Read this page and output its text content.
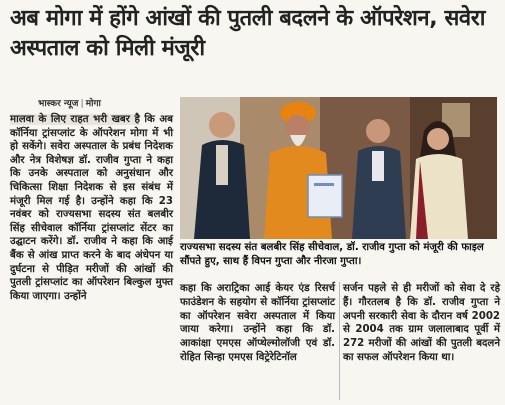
अब मोगा में होंगे आंखों की पुतली बदलने के ऑपरेशन, सवेरा अस्पताल को मिली मंजूरी
भास्कर न्यूज | मोगा

मालवा के लिए राहत भरी खबर है कि अब कॉर्निया ट्रांसप्लांट के ऑपरेशन मोगा में भी हो सकेंगे। सवेरा अस्पताल के प्रबंध निदेशक और नेत्र विशेषज्ञ डॉ. राजीव गुप्ता ने कहा कि उनके अस्पताल को अनुसंधान और चिकित्सा शिक्षा निदेशक से इस संबंध में मंजूरी मिल गई है। उन्होंने कहा कि 23 नवंबर को राज्यसभा सदस्य संत बलबीर सिंह सीचेवाल कॉर्निया ट्रांसप्लांट सेंटर का उद्घाटन करेंगे। डॉ. राजीव ने कहा कि आई बैंक से आंख प्राप्त करने के बाद अंधेपन या दुर्घटना से पीड़ित मरीजों की आंखों की पुतली ट्रांसप्लांट का ऑपरेशन बिल्कुल मुफ्त किया जाएगा। उन्होंने

राज्यसभा सदस्य संत बलबीर सिंह सीचेवाल, डॉ. राजीव गुप्ता को मंजूरी की फाइल सौंपते हुए, साथ हैं विपन गुप्ता और नीरजा गुप्ता।

कहा कि अराट्रिका आई केयर एंड रिसर्च फाउंडेशन के सहयोग से कॉर्निया ट्रांसप्लांट का ऑपरेशन सवेरा अस्पताल में किया जाया करेगा। उन्होंने कहा कि डॉ. आकांक्षा एमएस ऑप्थेल्मोलॉजी एवं डॉ. रोहित सिन्हा एमएस विट्रेरेटिनॉल

सर्जन पहले से ही मरीजों को सेवा दे रहे हैं। गौरतलब है कि डॉ. राजीव गुप्ता ने अपनी सरकारी सेवा के दौरान वर्ष 2002 से 2004 तक ग्राम जलालाबाद पूर्वी में 272 मरीजों की आंखों की पुतली बदलने का सफल ऑपरेशन किया था।
